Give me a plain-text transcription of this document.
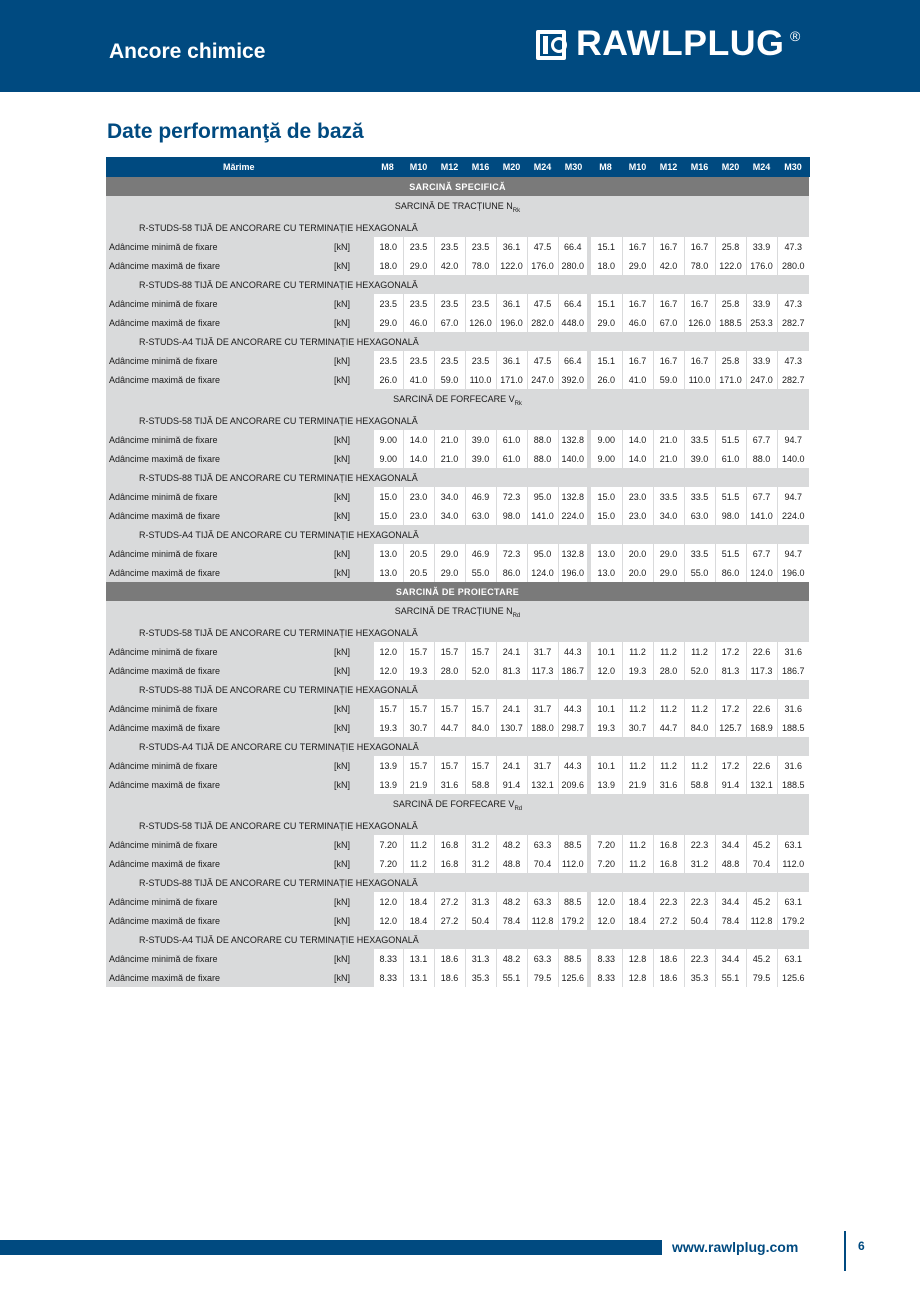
Ancore chimice	RAWLPLUG ®
Date performanţă de bază
Mărime		M8	M10	M12	M16	M20	M24	M30	M8	M10	M12	M16	M20	M24	M30
SARCINĂ SPECIFICĂ															
SARCINĂ DE TRACȚIUNE $N_{Rk}$
R-STUDS-58 TIJĂ DE ANCORARE CU TERMINAȚIE HEXAGONALĂ															
Adâncime minimă de fixare	[kN]	18.0	23.5	23.5	23.5	36.1	47.5	66.4	15.1	16.7	16.7	16.7	25.8	33.9	47.3
Adâncime maximă de fixare	[kN]	18.0	29.0	42.0	78.0	122.0	176.0	280.0	18.0	29.0	42.0	78.0	122.0	176.0	280.0
R-STUDS-88 TIJĂ DE ANCORARE CU TERMINAȚIE HEXAGONALĂ															
Adâncime minimă de fixare	[kN]	23.5	23.5	23.5	23.5	36.1	47.5	66.4	15.1	16.7	16.7	16.7	25.8	33.9	47.3
Adâncime maximă de fixare	[kN]	29.0	46.0	67.0	126.0	196.0	282.0	448.0	29.0	46.0	67.0	126.0	188.5	253.3	282.7
R-STUDS-A4 TIJĂ DE ANCORARE CU TERMINAȚIE HEXAGONALĂ															
Adâncime minimă de fixare	[kN]	23.5	23.5	23.5	23.5	36.1	47.5	66.4	15.1	16.7	16.7	16.7	25.8	33.9	47.3
Adâncime maximă de fixare	[kN]	26.0	41.0	59.0	110.0	171.0	247.0	392.0	26.0	41.0	59.0	110.0	171.0	247.0	282.7
SARCINĂ DE FORFECARE $V_{Rk}$
R-STUDS-58 TIJĂ DE ANCORARE CU TERMINAȚIE HEXAGONALĂ															
Adâncime minimă de fixare	[kN]	9.00	14.0	21.0	39.0	61.0	88.0	132.8	9.00	14.0	21.0	33.5	51.5	67.7	94.7
Adâncime maximă de fixare	[kN]	9.00	14.0	21.0	39.0	61.0	88.0	140.0	9.00	14.0	21.0	39.0	61.0	88.0	140.0
R-STUDS-88 TIJĂ DE ANCORARE CU TERMINAȚIE HEXAGONALĂ															
Adâncime minimă de fixare	[kN]	15.0	23.0	34.0	46.9	72.3	95.0	132.8	15.0	23.0	33.5	33.5	51.5	67.7	94.7
Adâncime maximă de fixare	[kN]	15.0	23.0	34.0	63.0	98.0	141.0	224.0	15.0	23.0	34.0	63.0	98.0	141.0	224.0
R-STUDS-A4 TIJĂ DE ANCORARE CU TERMINAȚIE HEXAGONALĂ															
Adâncime minimă de fixare	[kN]	13.0	20.5	29.0	46.9	72.3	95.0	132.8	13.0	20.0	29.0	33.5	51.5	67.7	94.7
Adâncime maximă de fixare	[kN]	13.0	20.5	29.0	55.0	86.0	124.0	196.0	13.0	20.0	29.0	55.0	86.0	124.0	196.0
SARCINĂ DE PROIECTARE															
SARCINĂ DE TRACȚIUNE $N_{Rd}$
R-STUDS-58 TIJĂ DE ANCORARE CU TERMINAȚIE HEXAGONALĂ															
Adâncime minimă de fixare	[kN]	12.0	15.7	15.7	15.7	24.1	31.7	44.3	10.1	11.2	11.2	11.2	17.2	22.6	31.6
Adâncime maximă de fixare	[kN]	12.0	19.3	28.0	52.0	81.3	117.3	186.7	12.0	19.3	28.0	52.0	81.3	117.3	186.7
R-STUDS-88 TIJĂ DE ANCORARE CU TERMINAȚIE HEXAGONALĂ															
Adâncime minimă de fixare	[kN]	15.7	15.7	15.7	15.7	24.1	31.7	44.3	10.1	11.2	11.2	11.2	17.2	22.6	31.6
Adâncime maximă de fixare	[kN]	19.3	30.7	44.7	84.0	130.7	188.0	298.7	19.3	30.7	44.7	84.0	125.7	168.9	188.5
R-STUDS-A4 TIJĂ DE ANCORARE CU TERMINAȚIE HEXAGONALĂ															
Adâncime minimă de fixare	[kN]	13.9	15.7	15.7	15.7	24.1	31.7	44.3	10.1	11.2	11.2	11.2	17.2	22.6	31.6
Adâncime maximă de fixare	[kN]	13.9	21.9	31.6	58.8	91.4	132.1	209.6	13.9	21.9	31.6	58.8	91.4	132.1	188.5
SARCINĂ DE FORFECARE $V_{Rd}$
R-STUDS-58 TIJĂ DE ANCORARE CU TERMINAȚIE HEXAGONALĂ															
Adâncime minimă de fixare	[kN]	7.20	11.2	16.8	31.2	48.2	63.3	88.5	7.20	11.2	16.8	22.3	34.4	45.2	63.1
Adâncime maximă de fixare	[kN]	7.20	11.2	16.8	31.2	48.8	70.4	112.0	7.20	11.2	16.8	31.2	48.8	70.4	112.0
R-STUDS-88 TIJĂ DE ANCORARE CU TERMINAȚIE HEXAGONALĂ															
Adâncime minimă de fixare	[kN]	12.0	18.4	27.2	31.3	48.2	63.3	88.5	12.0	18.4	22.3	22.3	34.4	45.2	63.1
Adâncime maximă de fixare	[kN]	12.0	18.4	27.2	50.4	78.4	112.8	179.2	12.0	18.4	27.2	50.4	78.4	112.8	179.2
R-STUDS-A4 TIJĂ DE ANCORARE CU TERMINAȚIE HEXAGONALĂ															
Adâncime minimă de fixare	[kN]	8.33	13.1	18.6	31.3	48.2	63.3	88.5	8.33	12.8	18.6	22.3	34.4	45.2	63.1
Adâncime maximă de fixare	[kN]	8.33	13.1	18.6	35.3	55.1	79.5	125.6	8.33	12.8	18.6	35.3	55.1	79.5	125.6
www.rawlplug.com	6
